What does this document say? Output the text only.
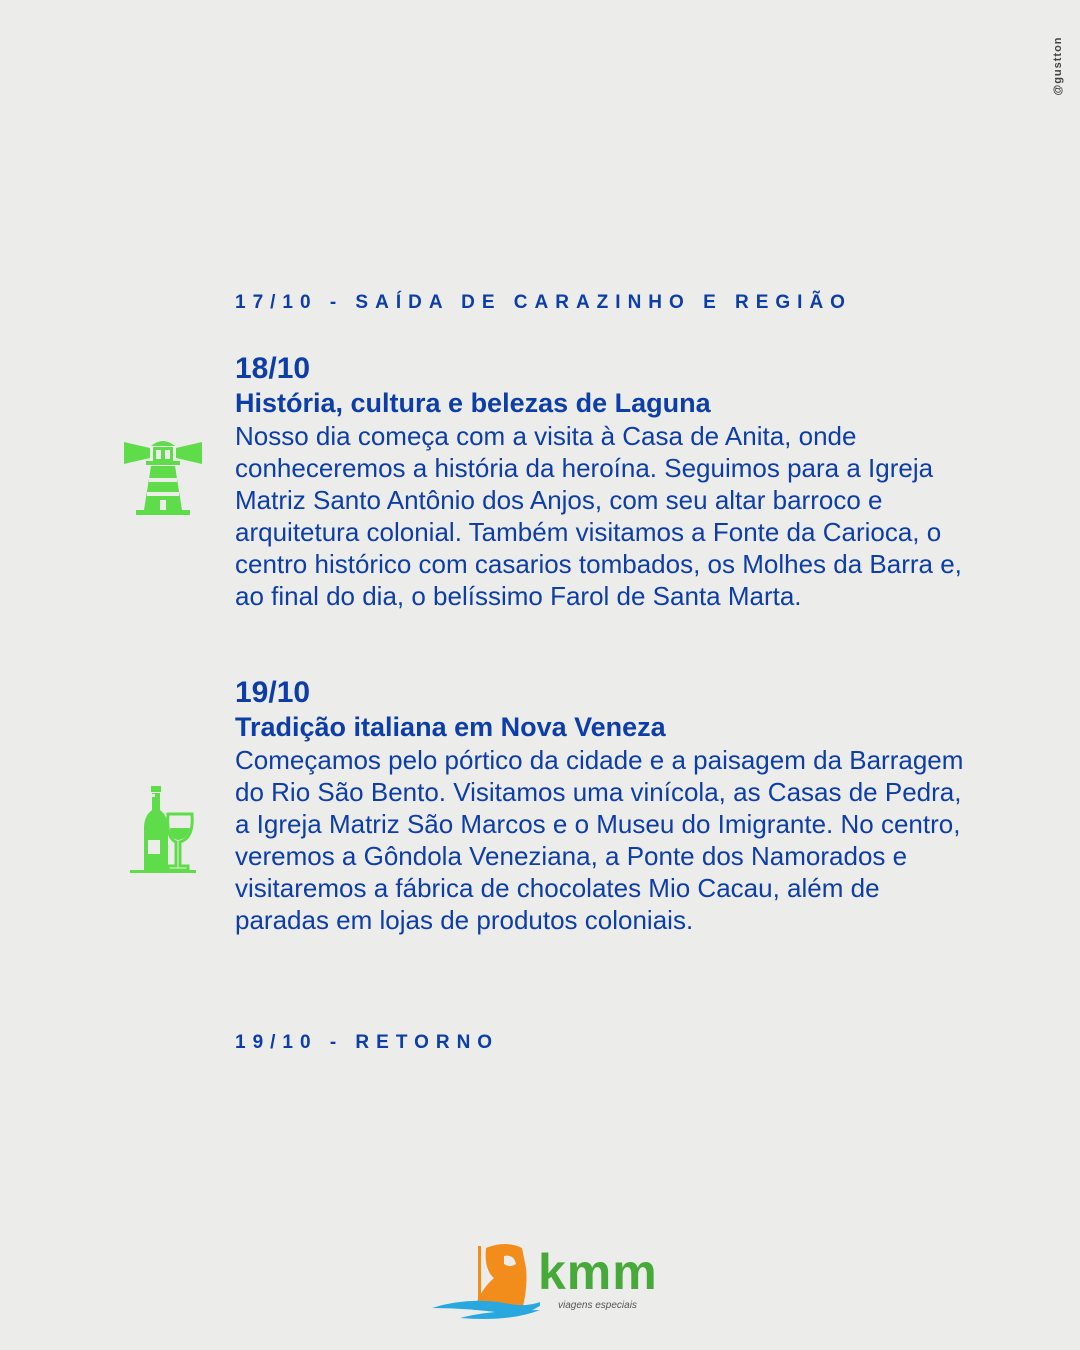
@gustton
17/10 - SAÍDA DE CARAZINHO E REGIÃO
18/10
História, cultura e belezas de Laguna

Nosso dia começa com a visita à Casa de Anita, onde conheceremos a história da heroína. Seguimos para a Igreja Matriz Santo Antônio dos Anjos, com seu altar barroco e arquitetura colonial. Também visitamos a Fonte da Carioca, o centro histórico com casarios tombados, os Molhes da Barra e, ao final do dia, o belíssimo Farol de Santa Marta.

19/10
Tradição italiana em Nova Veneza

Começamos pelo pórtico da cidade e a paisagem da Barragem do Rio São Bento. Visitamos uma vinícola, as Casas de Pedra, a Igreja Matriz São Marcos e o Museu do Imigrante. No centro, veremos a Gôndola Veneziana, a Ponte dos Namorados e visitaremos a fábrica de chocolates Mio Cacau, além de paradas em lojas de produtos coloniais.

19/10 - RETORNO
kmm
viagens especiais
